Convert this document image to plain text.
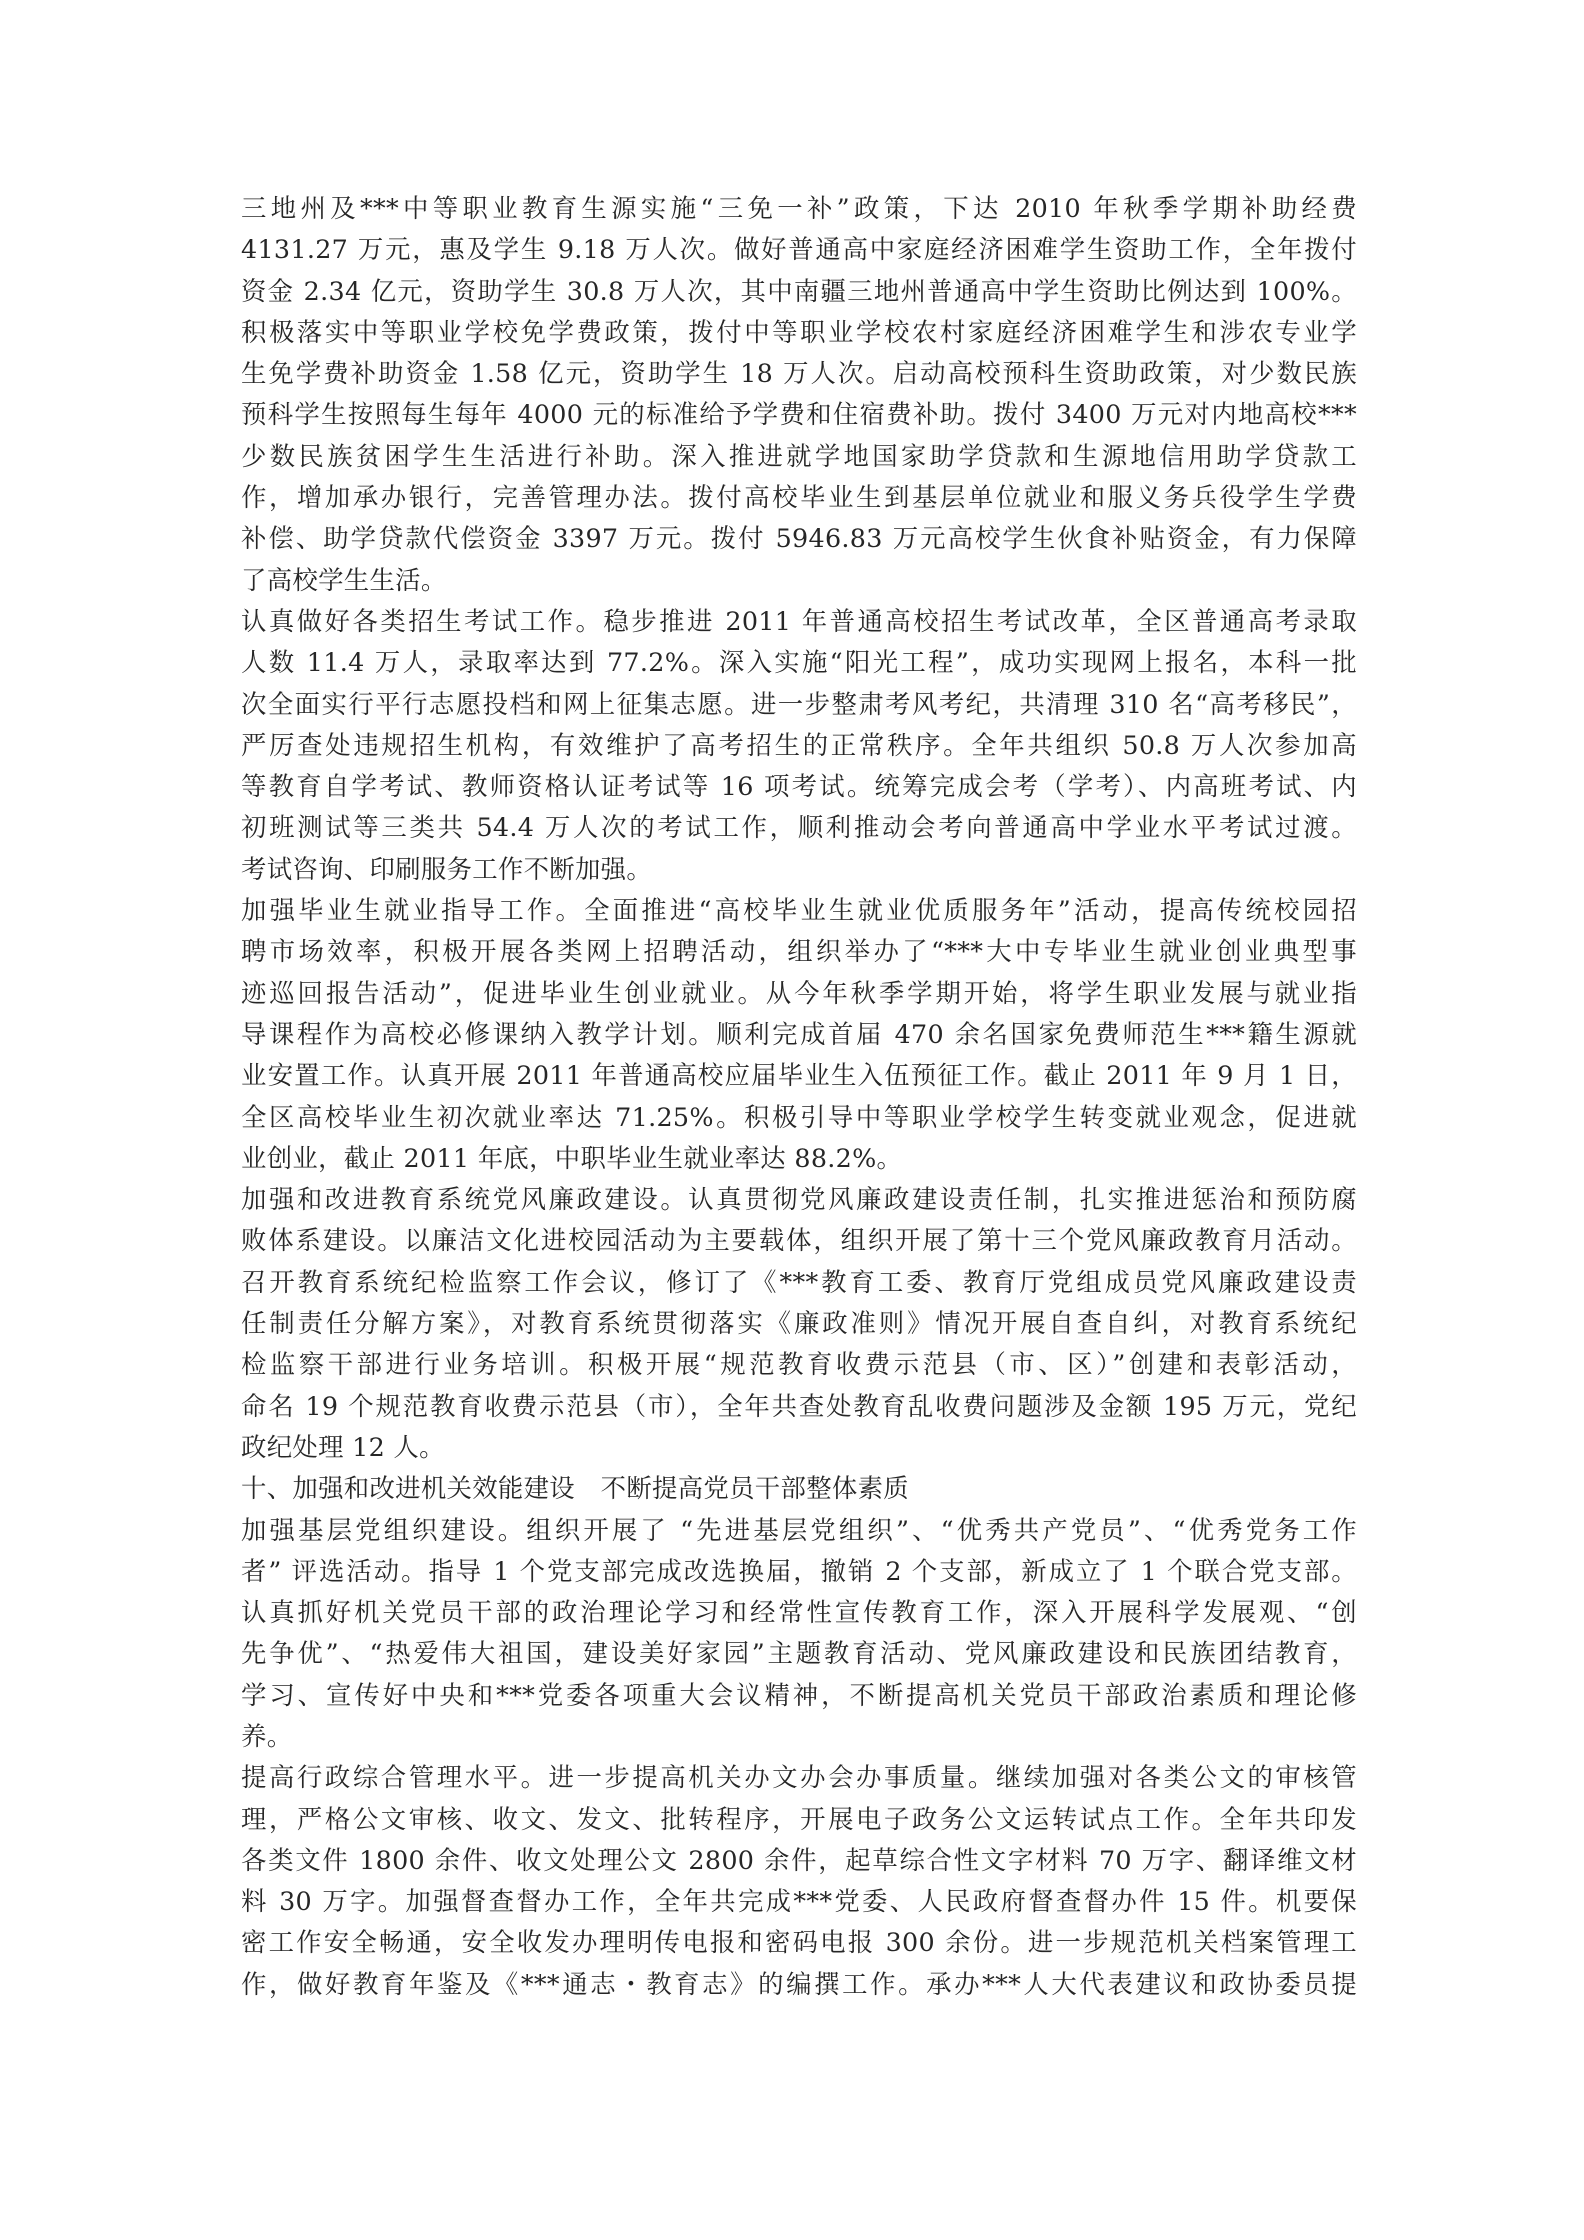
三地州及***中等职业教育生源实施“三免一补”政策，下达 2010 年秋季学期补助经费
4131.27 万元，惠及学生 9.18 万人次。做好普通高中家庭经济困难学生资助工作，全年拨付
资金 2.34 亿元，资助学生 30.8 万人次，其中南疆三地州普通高中学生资助比例达到 100%。
积极落实中等职业学校免学费政策，拨付中等职业学校农村家庭经济困难学生和涉农专业学
生免学费补助资金 1.58 亿元，资助学生 18 万人次。启动高校预科生资助政策，对少数民族
预科学生按照每生每年 4000 元的标准给予学费和住宿费补助。拨付 3400 万元对内地高校***
少数民族贫困学生生活进行补助。深入推进就学地国家助学贷款和生源地信用助学贷款工
作，增加承办银行，完善管理办法。拨付高校毕业生到基层单位就业和服义务兵役学生学费
补偿、助学贷款代偿资金 3397 万元。拨付 5946.83 万元高校学生伙食补贴资金，有力保障
了高校学生生活。
认真做好各类招生考试工作。稳步推进 2011 年普通高校招生考试改革，全区普通高考录取
人数 11.4 万人，录取率达到 77.2%。深入实施“阳光工程”，成功实现网上报名，本科一批
次全面实行平行志愿投档和网上征集志愿。进一步整肃考风考纪，共清理 310 名“高考移民”，
严厉查处违规招生机构，有效维护了高考招生的正常秩序。全年共组织 50.8 万人次参加高
等教育自学考试、教师资格认证考试等 16 项考试。统筹完成会考（学考）、内高班考试、内
初班测试等三类共 54.4 万人次的考试工作，顺利推动会考向普通高中学业水平考试过渡。
考试咨询、印刷服务工作不断加强。
加强毕业生就业指导工作。全面推进“高校毕业生就业优质服务年”活动，提高传统校园招
聘市场效率，积极开展各类网上招聘活动，组织举办了“***大中专毕业生就业创业典型事
迹巡回报告活动”，促进毕业生创业就业。从今年秋季学期开始，将学生职业发展与就业指
导课程作为高校必修课纳入教学计划。顺利完成首届 470 余名国家免费师范生***籍生源就
业安置工作。认真开展 2011 年普通高校应届毕业生入伍预征工作。截止 2011 年 9 月 1 日，
全区高校毕业生初次就业率达 71.25%。积极引导中等职业学校学生转变就业观念，促进就
业创业，截止 2011 年底，中职毕业生就业率达 88.2%。
加强和改进教育系统党风廉政建设。认真贯彻党风廉政建设责任制，扎实推进惩治和预防腐
败体系建设。以廉洁文化进校园活动为主要载体，组织开展了第十三个党风廉政教育月活动。
召开教育系统纪检监察工作会议，修订了《***教育工委、教育厅党组成员党风廉政建设责
任制责任分解方案》，对教育系统贯彻落实《廉政准则》情况开展自查自纠，对教育系统纪
检监察干部进行业务培训。积极开展“规范教育收费示范县（市、区）”创建和表彰活动，
命名 19 个规范教育收费示范县（市），全年共查处教育乱收费问题涉及金额 195 万元，党纪
政纪处理 12 人。
十、加强和改进机关效能建设　不断提高党员干部整体素质
加强基层党组织建设。组织开展了 “先进基层党组织”、“优秀共产党员”、“优秀党务工作
者” 评选活动。指导 1 个党支部完成改选换届，撤销 2 个支部，新成立了 1 个联合党支部。
认真抓好机关党员干部的政治理论学习和经常性宣传教育工作，深入开展科学发展观、“创
先争优”、“热爱伟大祖国，建设美好家园”主题教育活动、党风廉政建设和民族团结教育，
学习、宣传好中央和***党委各项重大会议精神，不断提高机关党员干部政治素质和理论修
养。
提高行政综合管理水平。进一步提高机关办文办会办事质量。继续加强对各类公文的审核管
理，严格公文审核、收文、发文、批转程序，开展电子政务公文运转试点工作。全年共印发
各类文件 1800 余件、收文处理公文 2800 余件，起草综合性文字材料 70 万字、翻译维文材
料 30 万字。加强督查督办工作，全年共完成***党委、人民政府督查督办件 15 件。机要保
密工作安全畅通，安全收发办理明传电报和密码电报 300 余份。进一步规范机关档案管理工
作，做好教育年鉴及《***通志・教育志》的编撰工作。承办***人大代表建议和政协委员提
